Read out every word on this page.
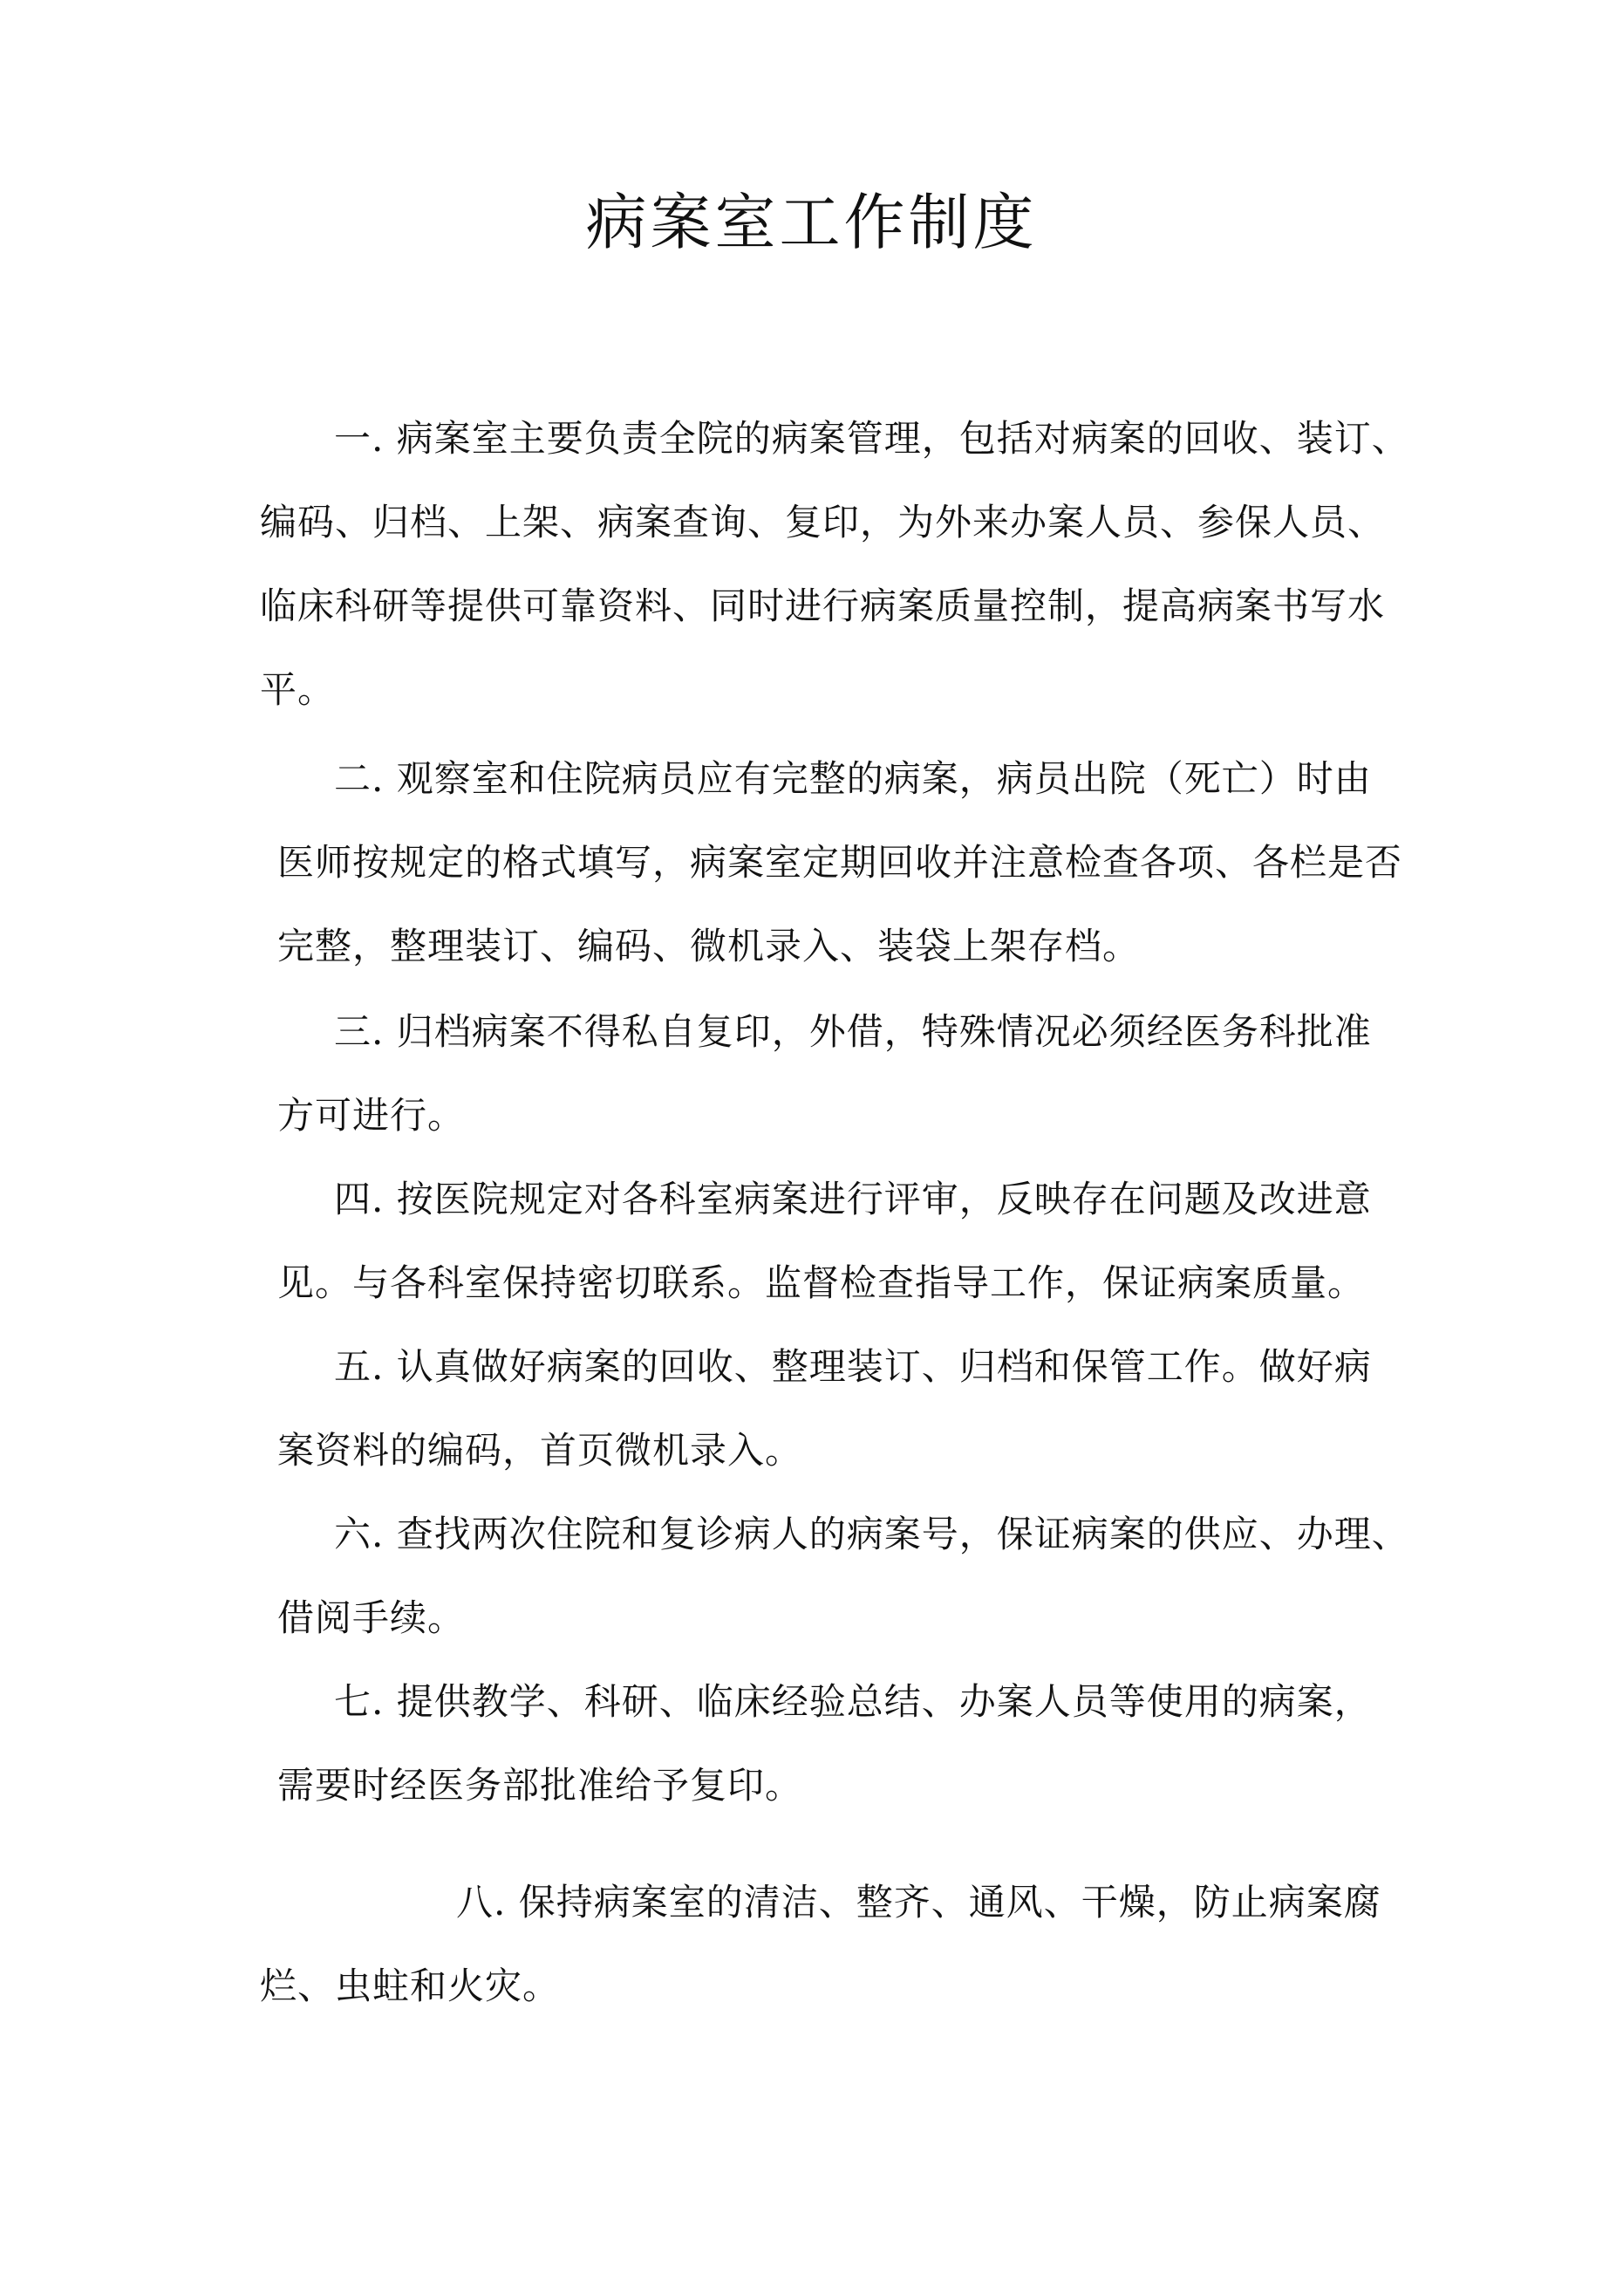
病案室工作制度
一. 病案室主要负责全院的病案管理，包括对病案的回收、装订、
编码、归档、上架、病案查询、复印，为外来办案人员、参保人员、
临床科研等提供可靠资料、同时进行病案质量控制，提高病案书写水
平。
二. 观察室和住院病员应有完整的病案，病员出院（死亡）时由
医师按规定的格式填写，病案室定期回收并注意检查各项、各栏是否
完整，整理装订、编码、微机录入、装袋上架存档。
三. 归档病案不得私自复印，外借，特殊情况必须经医务科批准
方可进行。
四. 按医院规定对各科室病案进行评审，反映存在问题及改进意
见。与各科室保持密切联系。监督检查指导工作，保证病案质量。
五. 认真做好病案的回收、整理装订、归档和保管工作。做好病
案资料的编码，首页微机录入。
六. 查找两次住院和复诊病人的病案号，保证病案的供应、办理、
借阅手续。
七. 提供教学、科研、临床经验总结、办案人员等使用的病案，
需要时经医务部批准给予复印。
八. 保持病案室的清洁、整齐、通风、干燥，防止病案腐
烂、虫蛀和火灾。
